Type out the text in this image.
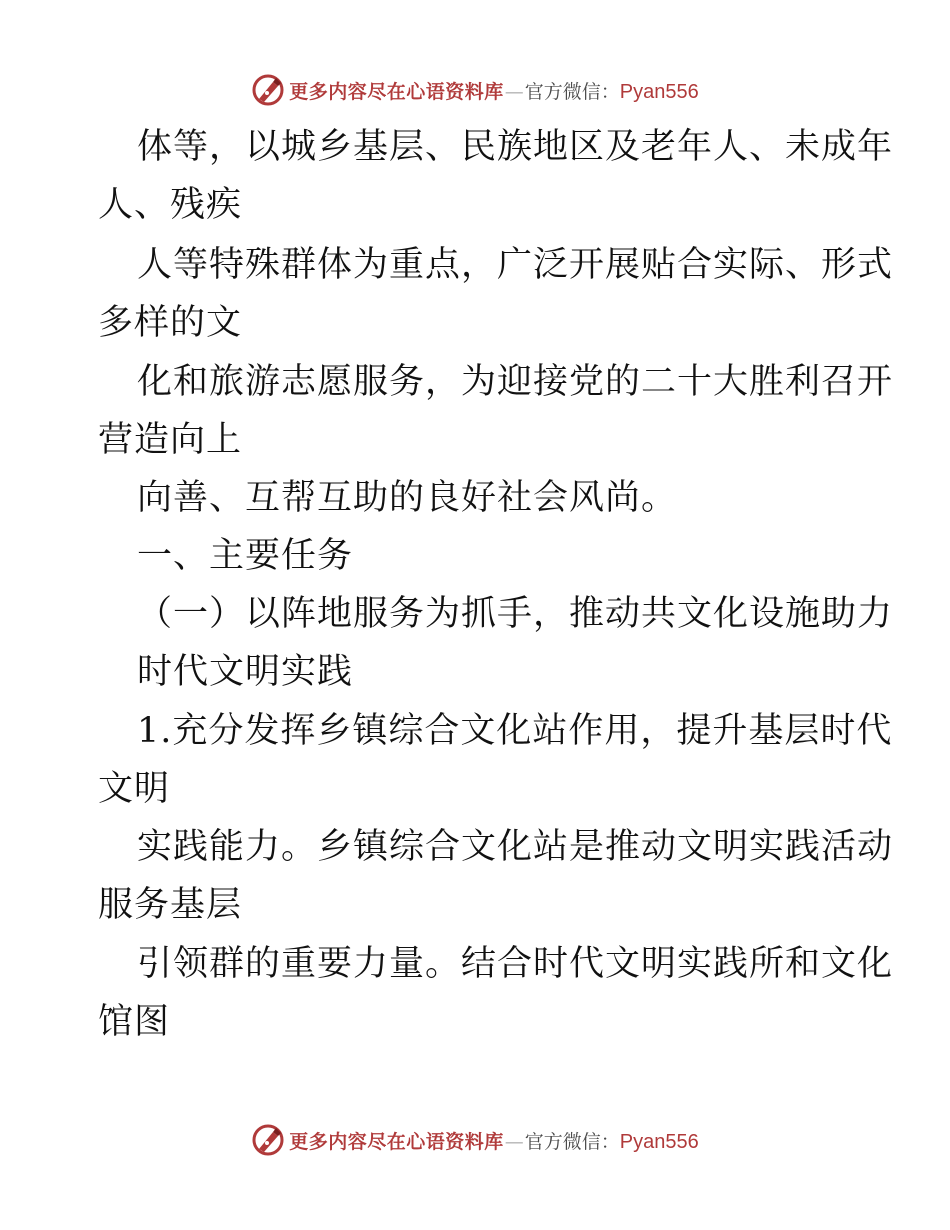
更多内容尽在心语资料库 — 官方微信： Pyan556
体等，以城乡基层、民族地区及老年人、未成年
人、残疾
人等特殊群体为重点，广泛开展贴合实际、形式
多样的文
化和旅游志愿服务，为迎接党的二十大胜利召开
营造向上
向善、互帮互助的良好社会风尚。
一、主要任务
（一）以阵地服务为抓手，推动共文化设施助力
时代文明实践
1.充分发挥乡镇综合文化站作用，提升基层时代
文明
实践能力。乡镇综合文化站是推动文明实践活动
服务基层
引领群的重要力量。结合时代文明实践所和文化
馆图
更多内容尽在心语资料库 — 官方微信： Pyan556
